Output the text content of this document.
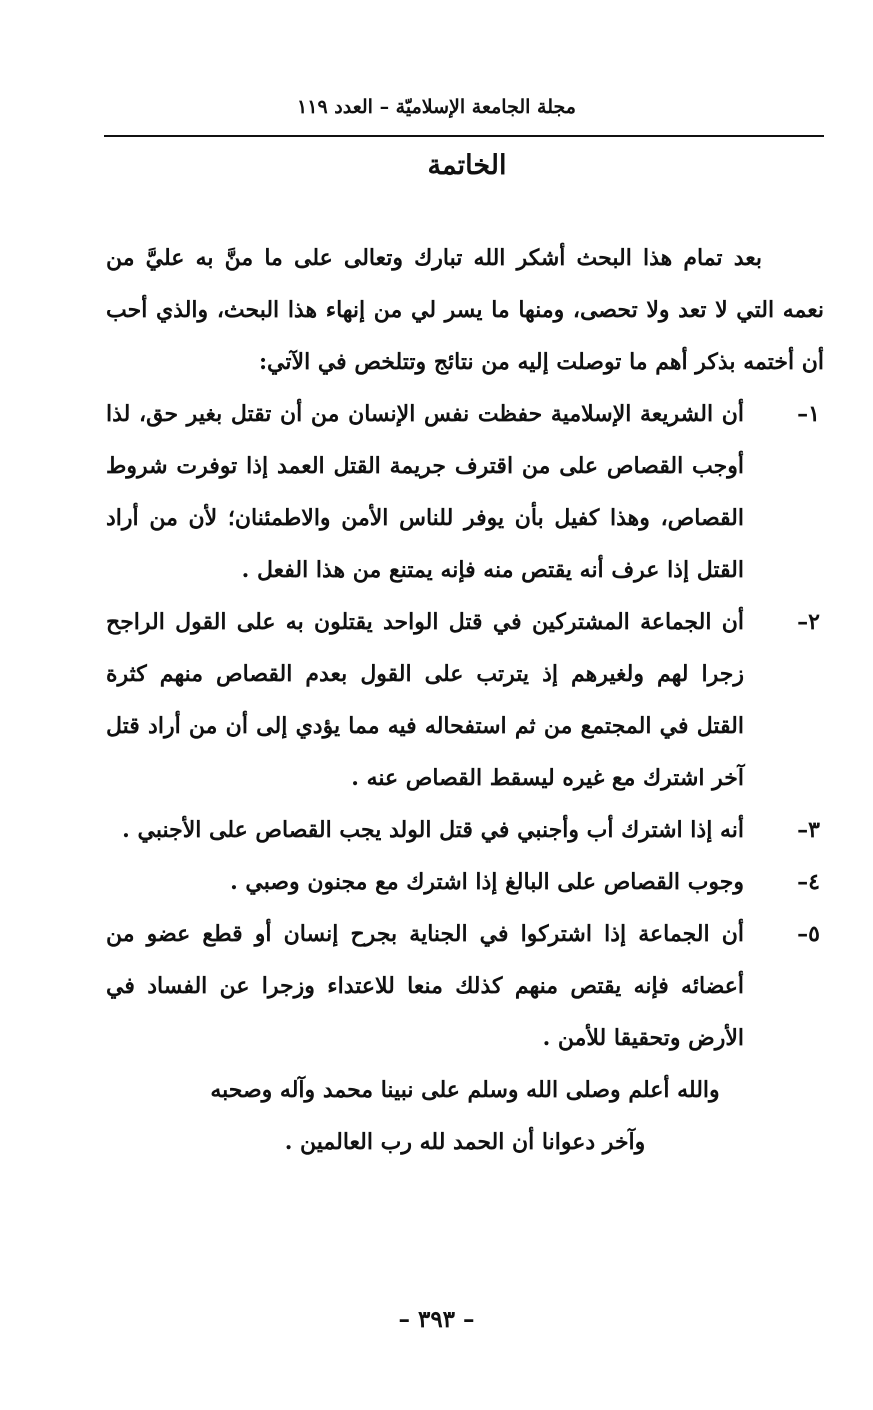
مجلة الجامعة الإسلاميّة – العدد ١١٩
الخاتمة

بعد تمام هذا البحث أشكر الله تبارك وتعالى على ما منَّ به عليَّ من نعمه التي لا تعد ولا تحصى، ومنها ما يسر لي من إنهاء هذا البحث، والذي أحب أن أختمه بذكر أهم ما توصلت إليه من نتائج وتتلخص في الآتي:

١–
أن الشريعة الإسلامية حفظت نفس الإنسان من أن تقتل بغير حق، لذا أوجب القصاص على من اقترف جريمة القتل العمد إذا توفرت شروط القصاص، وهذا كفيل بأن يوفر للناس الأمن والاطمئنان؛ لأن من أراد القتل إذا عرف أنه يقتص منه فإنه يمتنع من هذا الفعل .
٢–
أن الجماعة المشتركين في قتل الواحد يقتلون به على القول الراجح زجرا لهم ولغيرهم إذ يترتب على القول بعدم القصاص منهم كثرة القتل في المجتمع من ثم استفحاله فيه مما يؤدي إلى أن من أراد قتل آخر اشترك مع غيره ليسقط القصاص عنه .
٣–
أنه إذا اشترك أب وأجنبي في قتل الولد يجب القصاص على الأجنبي .
٤–
وجوب القصاص على البالغ إذا اشترك مع مجنون وصبي .
٥–
أن الجماعة إذا اشتركوا في الجناية بجرح إنسان أو قطع عضو من أعضائه فإنه يقتص منهم كذلك منعا للاعتداء وزجرا عن الفساد في الأرض وتحقيقا للأمن .

والله أعلم وصلى الله وسلم على نبينا محمد وآله وصحبه
وآخر دعوانا أن الحمد لله رب العالمين .

– ٣٩٣ –
